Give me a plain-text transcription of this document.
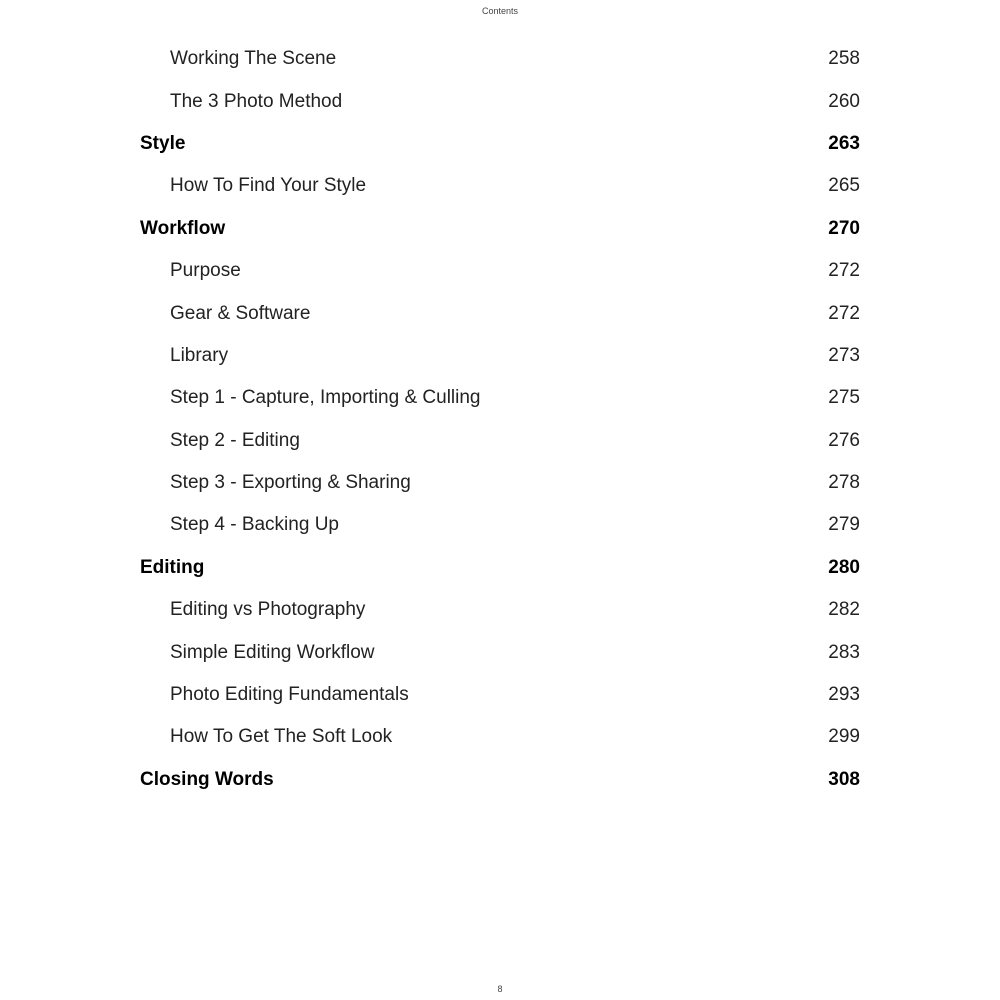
Contents
Working The Scene	258
The 3 Photo Method	260
Style	263
How To Find Your Style	265
Workflow	270
Purpose	272
Gear & Software	272
Library	273
Step 1 - Capture, Importing & Culling	275
Step 2 - Editing	276
Step 3 - Exporting & Sharing	278
Step 4 - Backing Up	279
Editing	280
Editing vs Photography	282
Simple Editing Workflow	283
Photo Editing Fundamentals	293
How To Get The Soft Look	299
Closing Words	308
8
